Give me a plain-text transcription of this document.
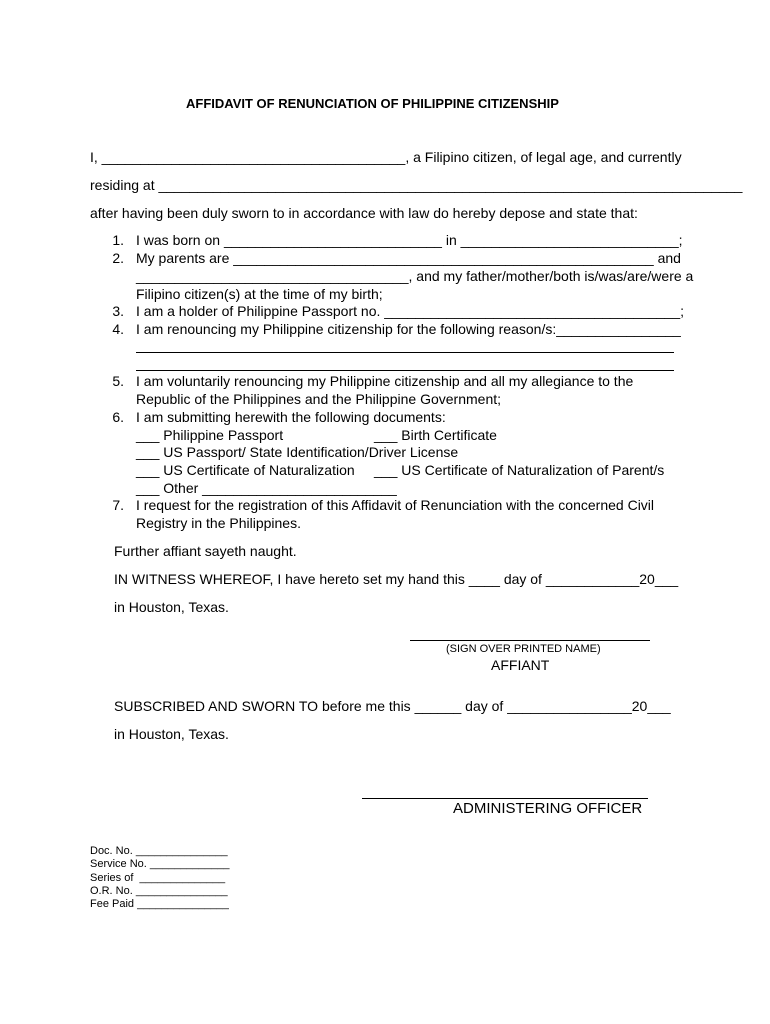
AFFIDAVIT OF RENUNCIATION OF PHILIPPINE CITIZENSHIP
I, _______________________________________, a Filipino citizen, of legal age, and currently
residing at ___________________________________________________________________________
after having been duly sworn to in accordance with law do hereby depose and state that:
1. I was born on ____________________________ in ____________________________;
2. My parents are ______________________________________________________ and
___________________________________, and my father/mother/both is/was/are/were a
Filipino citizen(s) at the time of my birth;
3. I am a holder of Philippine Passport no. ______________________________________;
4. I am renouncing my Philippine citizenship for the following reason/s:________________
5. I am voluntarily renouncing my Philippine citizenship and all my allegiance to the
Republic of the Philippines and the Philippine Government;
6. I am submitting herewith the following documents:
___ Philippine Passport	___ Birth Certificate
___ US Passport/ State Identification/Driver License
___ US Certificate of Naturalization ___ US Certificate of Naturalization of Parent/s
___ Other _________________________
7. I request for the registration of this Affidavit of Renunciation with the concerned Civil
Registry in the Philippines.
Further affiant sayeth naught.
IN WITNESS WHEREOF, I have hereto set my hand this ____ day of ____________20___
in Houston, Texas.
(SIGN OVER PRINTED NAME)
AFFIANT
SUBSCRIBED AND SWORN TO before me this ______ day of ________________20___
in Houston, Texas.
ADMINISTERING OFFICER
Doc. No. _______________
Service No. _____________
Series of  ______________
O.R. No. _______________
Fee Paid _______________
